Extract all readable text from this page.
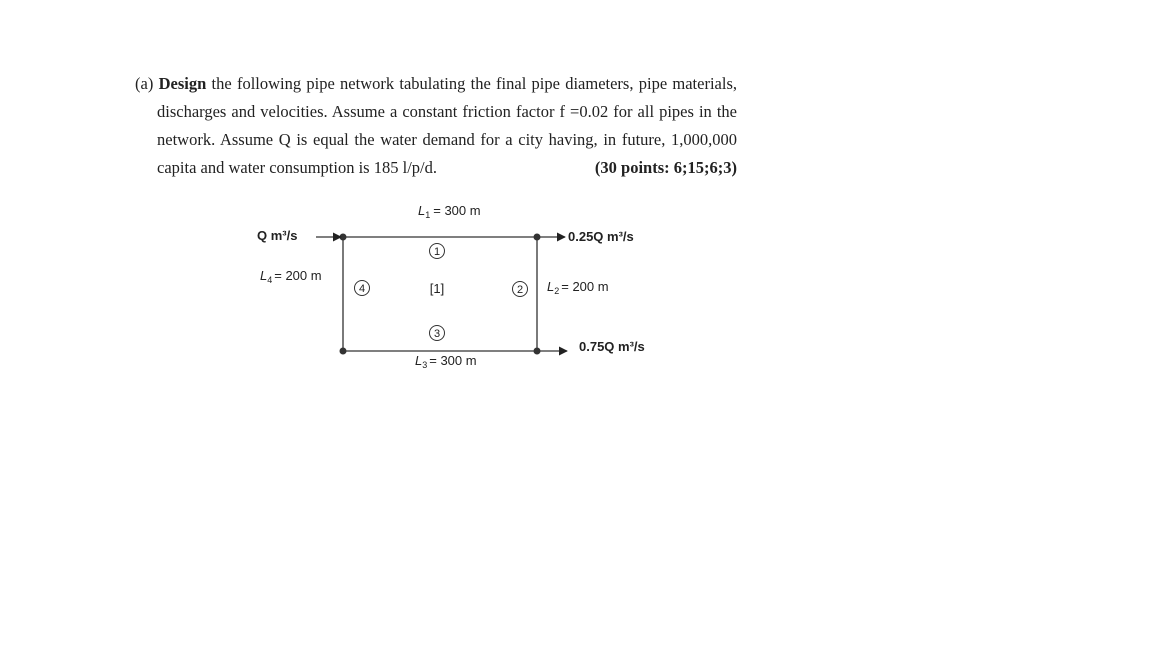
(a) Design the following pipe network tabulating the final pipe diameters, pipe materials,
discharges and velocities. Assume a constant friction factor f =0.02 for all pipes in the
network. Assume Q is equal the water demand for a city having, in future, 1,000,000
capita and water consumption is 185 l/p/d.	(30 points: 6;15;6;3)
Q m³/s	0.25Q m³/s
0.75Q m³/s
$L_1 = 300$ m
$L_2 = 200$ m
$L_3 = 300$ m
$L_4 = 200$ m
1
2
3
4	[1]
